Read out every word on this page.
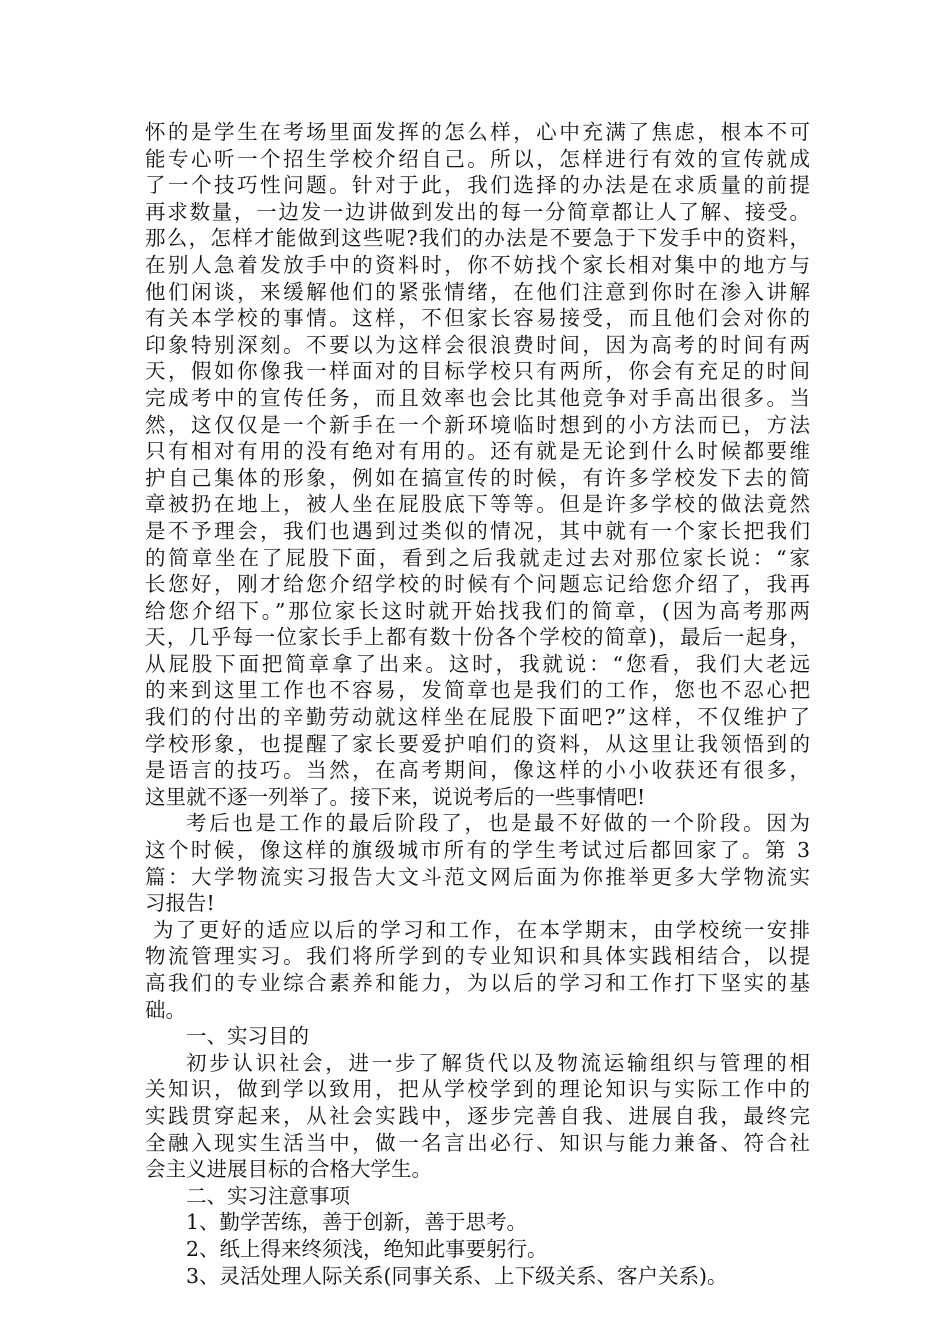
怀的是学生在考场里面发挥的怎么样，心中充满了焦虑，根本不可
能专心听一个招生学校介绍自己。所以，怎样进行有效的宣传就成
了一个技巧性问题。针对于此，我们选择的办法是在求质量的前提
再求数量，一边发一边讲做到发出的每一分简章都让人了解、接受。
那么，怎样才能做到这些呢?我们的办法是不要急于下发手中的资料，
在别人急着发放手中的资料时，你不妨找个家长相对集中的地方与
他们闲谈，来缓解他们的紧张情绪，在他们注意到你时在渗入讲解
有关本学校的事情。这样，不但家长容易接受，而且他们会对你的
印象特别深刻。不要以为这样会很浪费时间，因为高考的时间有两
天，假如你像我一样面对的目标学校只有两所，你会有充足的时间
完成考中的宣传任务，而且效率也会比其他竞争对手高出很多。当
然，这仅仅是一个新手在一个新环境临时想到的小方法而已，方法
只有相对有用的没有绝对有用的。还有就是无论到什么时候都要维
护自己集体的形象，例如在搞宣传的时候，有许多学校发下去的简
章被扔在地上，被人坐在屁股底下等等。但是许多学校的做法竟然
是不予理会，我们也遇到过类似的情况，其中就有一个家长把我们
的简章坐在了屁股下面，看到之后我就走过去对那位家长说：“家
长您好，刚才给您介绍学校的时候有个问题忘记给您介绍了，我再
给您介绍下。”那位家长这时就开始找我们的简章，(因为高考那两
天，几乎每一位家长手上都有数十份各个学校的简章)，最后一起身，
从屁股下面把简章拿了出来。这时，我就说：“您看，我们大老远
的来到这里工作也不容易，发简章也是我们的工作，您也不忍心把
我们的付出的辛勤劳动就这样坐在屁股下面吧?”这样，不仅维护了
学校形象，也提醒了家长要爱护咱们的资料，从这里让我领悟到的
是语言的技巧。当然，在高考期间，像这样的小小收获还有很多，
这里就不逐一列举了。接下来，说说考后的一些事情吧!
考后也是工作的最后阶段了，也是最不好做的一个阶段。因为
这个时候，像这样的旗级城市所有的学生考试过后都回家了。第 3
篇：大学物流实习报告大文斗范文网后面为你推举更多大学物流实
习报告!
为了更好的适应以后的学习和工作，在本学期末，由学校统一安排
物流管理实习。我们将所学到的专业知识和具体实践相结合，以提
高我们的专业综合素养和能力，为以后的学习和工作打下坚实的基
础。
一、实习目的
初步认识社会，进一步了解货代以及物流运输组织与管理的相
关知识，做到学以致用，把从学校学到的理论知识与实际工作中的
实践贯穿起来，从社会实践中，逐步完善自我、进展自我，最终完
全融入现实生活当中，做一名言出必行、知识与能力兼备、符合社
会主义进展目标的合格大学生。
二、实习注意事项
1、勤学苦练，善于创新，善于思考。
2、纸上得来终须浅，绝知此事要躬行。
3、灵活处理人际关系(同事关系、上下级关系、客户关系)。
